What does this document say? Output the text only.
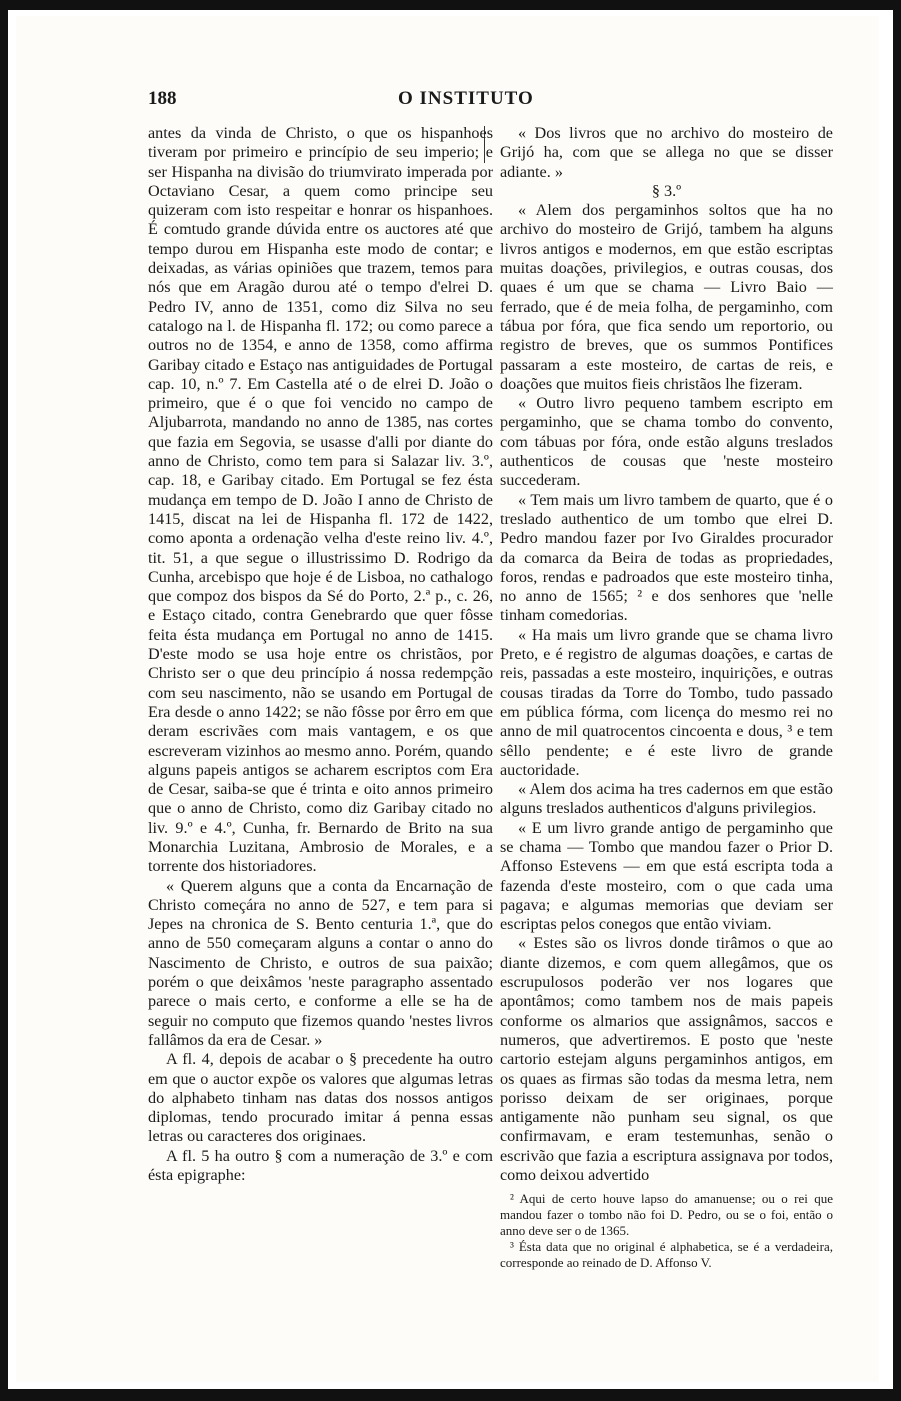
188	O INSTITUTO

antes da vinda de Christo, o que os hispanhoes tiveram por primeiro e princípio de seu imperio; e ser Hispanha na divisão do triumvirato imperada por Octaviano Cesar, a quem como principe seu quizeram com isto respeitar e honrar os hispanhoes. É comtudo grande dúvida entre os auctores até que tempo durou em Hispanha este modo de contar; e deixadas, as várias opiniões que trazem, temos para nós que em Aragão durou até o tempo d'elrei D. Pedro IV, anno de 1351, como diz Silva no seu catalogo na l. de Hispanha fl. 172; ou como parece a outros no de 1354, e anno de 1358, como affirma Garibay citado e Estaço nas antiguidades de Portugal cap. 10, n.º 7. Em Castella até o de elrei D. João o primeiro, que é o que foi vencido no campo de Aljubarrota, mandando no anno de 1385, nas cortes que fazia em Segovia, se usasse d'alli por diante do anno de Christo, como tem para si Salazar liv. 3.º, cap. 18, e Garibay citado. Em Portugal se fez ésta mudança em tempo de D. João I anno de Christo de 1415, discat na lei de Hispanha fl. 172 de 1422, como aponta a ordenação velha d'este reino liv. 4.º, tit. 51, a que segue o illustrissimo D. Rodrigo da Cunha, arcebispo que hoje é de Lisboa, no cathalogo que compoz dos bispos da Sé do Porto, 2.ª p., c. 26, e Estaço citado, contra Genebrardo que quer fôsse feita ésta mudança em Portugal no anno de 1415. D'este modo se usa hoje entre os christãos, por Christo ser o que deu princípio á nossa redempção com seu nascimento, não se usando em Portugal de Era desde o anno 1422; se não fôsse por êrro em que deram escrivães com mais vantagem, e os que escreveram vizinhos ao mesmo anno. Porém, quando alguns papeis antigos se acharem escriptos com Era de Cesar, saiba-se que é trinta e oito annos primeiro que o anno de Christo, como diz Garibay citado no liv. 9.º e 4.º, Cunha, fr. Bernardo de Brito na sua Monarchia Luzitana, Ambrosio de Morales, e a torrente dos historiadores.

« Querem alguns que a conta da Encarnação de Christo começára no anno de 527, e tem para si Jepes na chronica de S. Bento centuria 1.ª, que do anno de 550 começaram alguns a contar o anno do Nascimento de Christo, e outros de sua paixão; porém o que deixâmos 'neste paragrapho assentado parece o mais certo, e conforme a elle se ha de seguir no computo que fizemos quando 'nestes livros fallâmos da era de Cesar. »

A fl. 4, depois de acabar o § precedente ha outro em que o auctor expõe os valores que algumas letras do alphabeto tinham nas datas dos nossos antigos diplomas, tendo procurado imitar á penna essas letras ou caracteres dos originaes.

A fl. 5 ha outro § com a numeração de 3.º e com ésta epigraphe:

« Dos livros que no archivo do mosteiro de Grijó ha, com que se allega no que se disser adiante. »

§ 3.º

« Alem dos pergaminhos soltos que ha no archivo do mosteiro de Grijó, tambem ha alguns livros antigos e modernos, em que estão escriptas muitas doações, privilegios, e outras cousas, dos quaes é um que se chama — Livro Baio — ferrado, que é de meia folha, de pergaminho, com tábua por fóra, que fica sendo um reportorio, ou registro de breves, que os summos Pontifices passaram a este mosteiro, de cartas de reis, e doações que muitos fieis christãos lhe fizeram.

« Outro livro pequeno tambem escripto em pergaminho, que se chama tombo do convento, com tábuas por fóra, onde estão alguns treslados authenticos de cousas que 'neste mosteiro succederam.

« Tem mais um livro tambem de quarto, que é o treslado authentico de um tombo que elrei D. Pedro mandou fazer por Ivo Giraldes procurador da comarca da Beira de todas as propriedades, foros, rendas e padroados que este mosteiro tinha, no anno de 1565; ² e dos senhores que 'nelle tinham comedorias.

« Ha mais um livro grande que se chama livro Preto, e é registro de algumas doações, e cartas de reis, passadas a este mosteiro, inquirições, e outras cousas tiradas da Torre do Tombo, tudo passado em pública fórma, com licença do mesmo rei no anno de mil quatrocentos cincoenta e dous, ³ e tem sêllo pendente; e é este livro de grande auctoridade.

« Alem dos acima ha tres cadernos em que estão alguns treslados authenticos d'alguns privilegios.

« E um livro grande antigo de pergaminho que se chama — Tombo que mandou fazer o Prior D. Affonso Estevens — em que está escripta toda a fazenda d'este mosteiro, com o que cada uma pagava; e algumas memorias que deviam ser escriptas pelos conegos que então viviam.

« Estes são os livros donde tirâmos o que ao diante dizemos, e com quem allegâmos, que os escrupulosos poderão ver nos logares que apontâmos; como tambem nos de mais papeis conforme os almarios que assignâmos, saccos e numeros, que advertiremos. E posto que 'neste cartorio estejam alguns pergaminhos antigos, em os quaes as firmas são todas da mesma letra, nem porisso deixam de ser originaes, porque antigamente não punham seu signal, os que confirmavam, e eram testemunhas, senão o escrivão que fazia a escriptura assignava por todos, como deixou advertido

² Aqui de certo houve lapso do amanuense; ou o rei que mandou fazer o tombo não foi D. Pedro, ou se o foi, então o anno deve ser o de 1365.

³ Ésta data que no original é alphabetica, se é a verdadeira, corresponde ao reinado de D. Affonso V.
